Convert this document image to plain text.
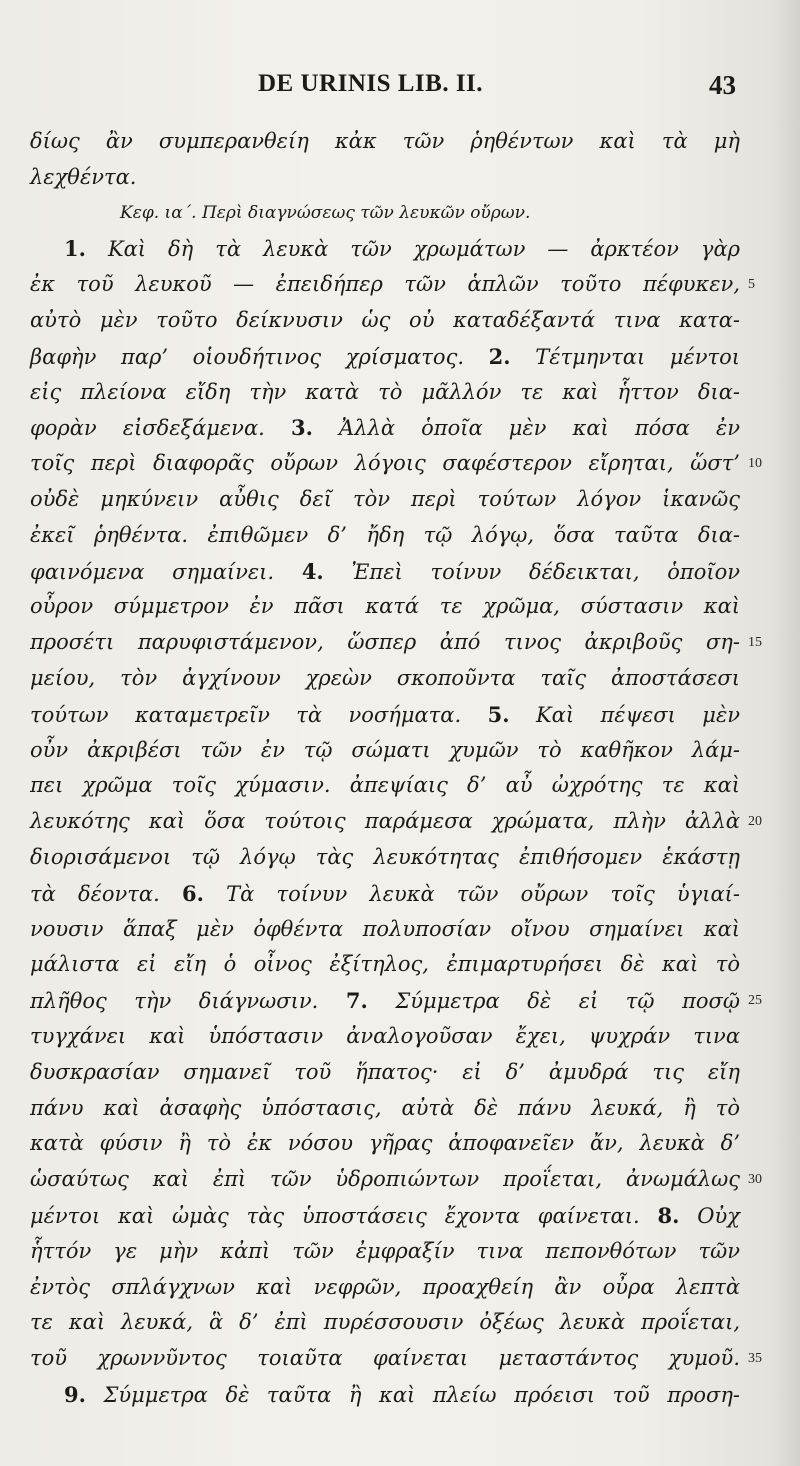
DE URINIS LIB. II.	43
δίως ἂν συμπερανθείη κἀκ τῶν ῥηθέντων καὶ τὰ μὴ
λεχθέντα.
Κεφ. ια΄. Περὶ διαγνώσεως τῶν λευκῶν οὔρων.
1. Καὶ δὴ τὰ λευκὰ τῶν χρωμάτων — ἀρκτέον γὰρ
ἐκ τοῦ λευκοῦ — ἐπειδήπερ τῶν ἁπλῶν τοῦτο πέφυκεν, 5
αὐτὸ μὲν τοῦτο δείκνυσιν ὡς οὐ καταδέξαντά τινα κατα-
βαφὴν παρ’ οἱουδήτινος χρίσματος. 2. Τέτμηνται μέντοι
εἰς πλείονα εἴδη τὴν κατὰ τὸ μᾶλλόν τε καὶ ἧττον δια-
φορὰν εἰσδεξάμενα. 3. Ἀλλὰ ὁποῖα μὲν καὶ πόσα ἐν
τοῖς περὶ διαφορᾶς οὔρων λόγοις σαφέστερον εἴρηται, ὥστ’ 10
οὐδὲ μηκύνειν αὖθις δεῖ τὸν περὶ τούτων λόγον ἱκανῶς
ἐκεῖ ῥηθέντα. ἐπιθῶμεν δ’ ἤδη τῷ λόγῳ, ὅσα ταῦτα δια-
φαινόμενα σημαίνει. 4. Ἐπεὶ τοίνυν δέδεικται, ὁποῖον
οὖρον σύμμετρον ἐν πᾶσι κατά τε χρῶμα, σύστασιν καὶ
προσέτι παρυφιστάμενον, ὥσπερ ἀπό τινος ἀκριβοῦς ση- 15
μείου, τὸν ἀγχίνουν χρεὼν σκοποῦντα ταῖς ἀποστάσεσι
τούτων καταμετρεῖν τὰ νοσήματα. 5. Καὶ πέψεσι μὲν
οὖν ἀκριβέσι τῶν ἐν τῷ σώματι χυμῶν τὸ καθῆκον λάμ-
πει χρῶμα τοῖς χύμασιν. ἀπεψίαις δ’ αὖ ὠχρότης τε καὶ
λευκότης καὶ ὅσα τούτοις παράμεσα χρώματα, πλὴν ἀλλὰ 20
διορισάμενοι τῷ λόγῳ τὰς λευκότητας ἐπιθήσομεν ἑκάστῃ
τὰ δέοντα. 6. Τὰ τοίνυν λευκὰ τῶν οὔρων τοῖς ὑγιαί-
νουσιν ἅπαξ μὲν ὀφθέντα πολυποσίαν οἴνου σημαίνει καὶ
μάλιστα εἰ εἴη ὁ οἶνος ἐξίτηλος, ἐπιμαρτυρήσει δὲ καὶ τὸ
πλῆθος τὴν διάγνωσιν. 7. Σύμμετρα δὲ εἰ τῷ ποσῷ 25
τυγχάνει καὶ ὑπόστασιν ἀναλογοῦσαν ἔχει, ψυχράν τινα
δυσκρασίαν σημανεῖ τοῦ ἥπατος· εἰ δ’ ἀμυδρά τις εἴη
πάνυ καὶ ἀσαφὴς ὑπόστασις, αὐτὰ δὲ πάνυ λευκά, ἢ τὸ
κατὰ φύσιν ἢ τὸ ἐκ νόσου γῆρας ἀποφανεῖεν ἄν, λευκὰ δ’
ὡσαύτως καὶ ἐπὶ τῶν ὑδροπιώντων προΐεται, ἀνωμάλως 30
μέντοι καὶ ὠμὰς τὰς ὑποστάσεις ἔχοντα φαίνεται. 8. Οὐχ
ἧττόν γε μὴν κἀπὶ τῶν ἐμφραξίν τινα πεπονθότων τῶν
ἐντὸς σπλάγχνων καὶ νεφρῶν, προαχθείη ἂν οὖρα λεπτὰ
τε καὶ λευκά, ἃ δ’ ἐπὶ πυρέσσουσιν ὀξέως λευκὰ προΐεται,
τοῦ χρωννῦντος τοιαῦτα φαίνεται μεταστάντος χυμοῦ. 35
9. Σύμμετρα δὲ ταῦτα ἢ καὶ πλείω πρόεισι τοῦ προση-
